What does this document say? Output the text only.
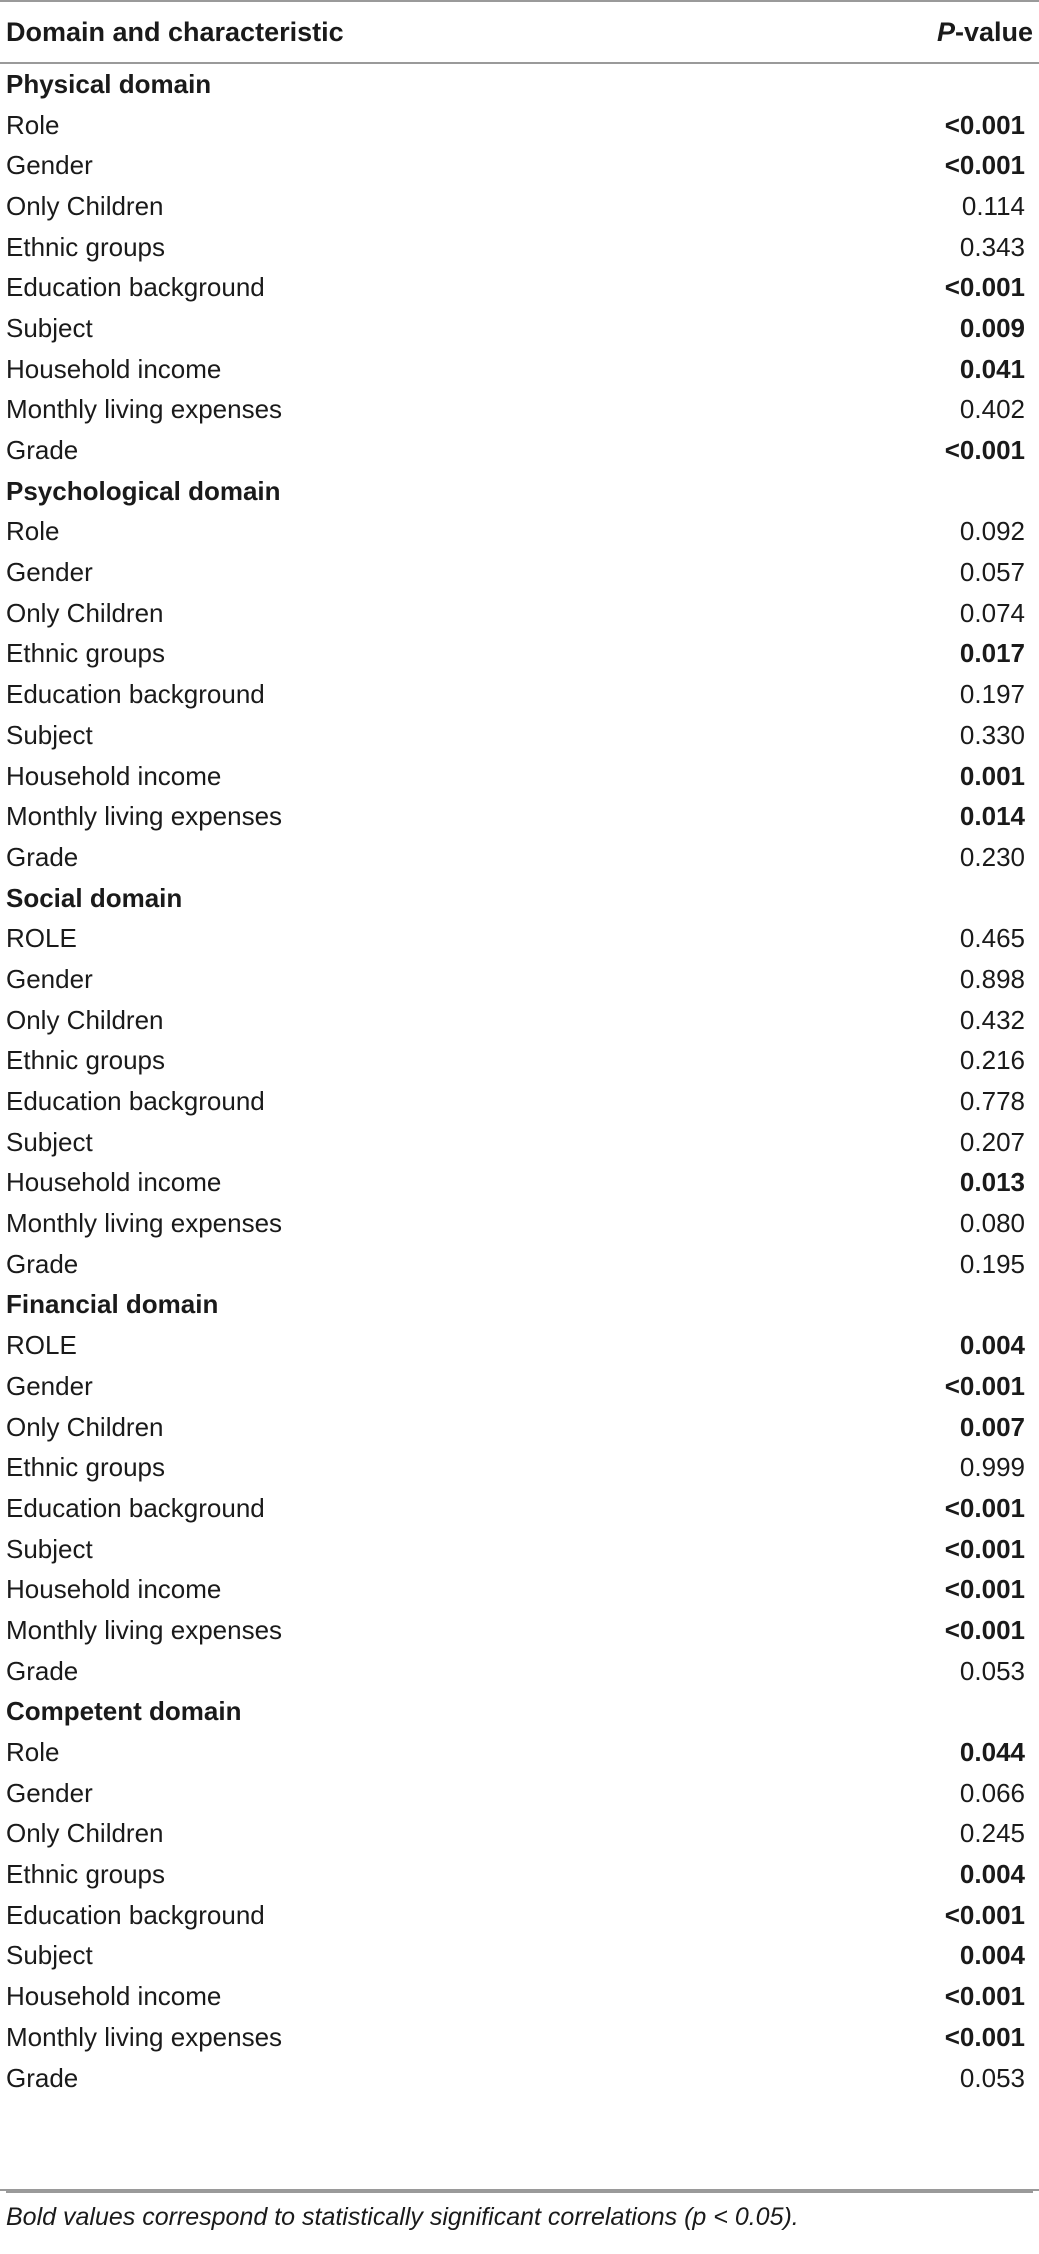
Domain and characteristic	P-value
Physical domain	
Role	<0.001
Gender	<0.001
Only Children	0.114
Ethnic groups	0.343
Education background	<0.001
Subject	0.009
Household income	0.041
Monthly living expenses	0.402
Grade	<0.001
Psychological domain	
Role	0.092
Gender	0.057
Only Children	0.074
Ethnic groups	0.017
Education background	0.197
Subject	0.330
Household income	0.001
Monthly living expenses	0.014
Grade	0.230
Social domain	
ROLE	0.465
Gender	0.898
Only Children	0.432
Ethnic groups	0.216
Education background	0.778
Subject	0.207
Household income	0.013
Monthly living expenses	0.080
Grade	0.195
Financial domain	
ROLE	0.004
Gender	<0.001
Only Children	0.007
Ethnic groups	0.999
Education background	<0.001
Subject	<0.001
Household income	<0.001
Monthly living expenses	<0.001
Grade	0.053
Competent domain	
Role	0.044
Gender	0.066
Only Children	0.245
Ethnic groups	0.004
Education background	<0.001
Subject	0.004
Household income	<0.001
Monthly living expenses	<0.001
Grade	0.053
Bold values correspond to statistically significant correlations (p < 0.05).
